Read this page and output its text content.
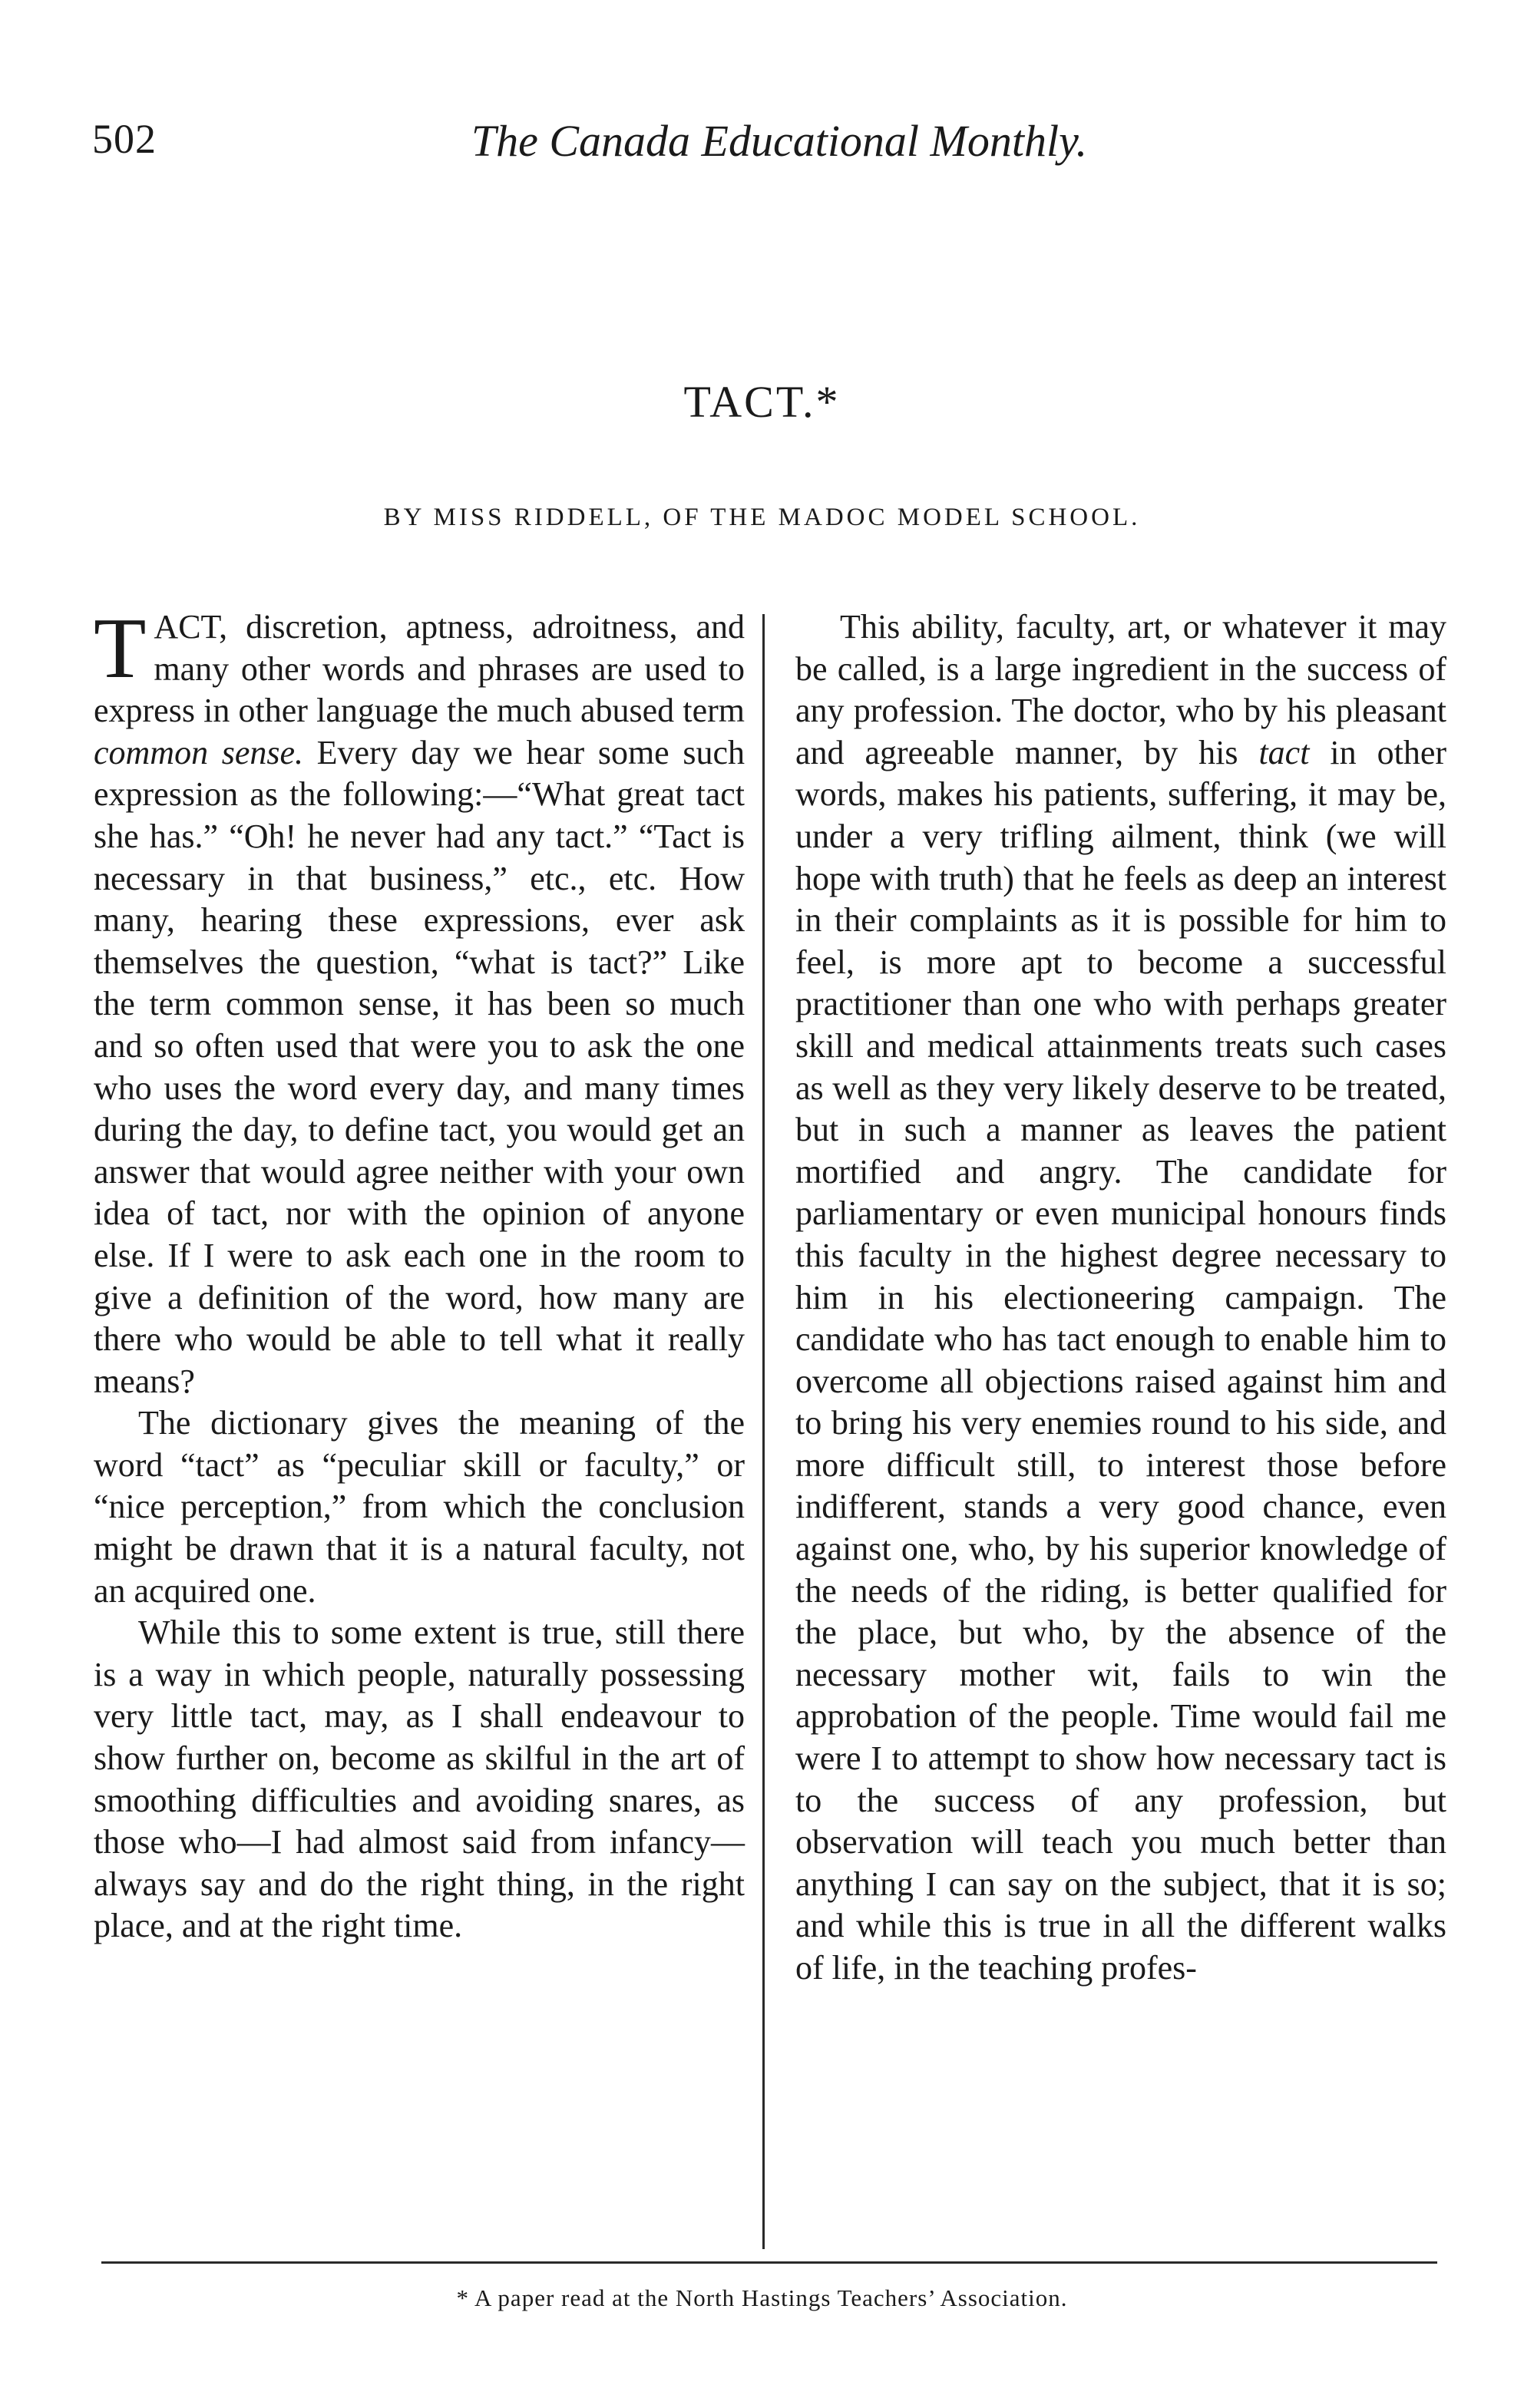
502	The Canada Educational Monthly.
TACT.*
BY MISS RIDDELL, OF THE MADOC MODEL SCHOOL.

TACT, discretion, aptness, adroitness, and many other words and phrases are used to express in other language the much abused term common sense. Every day we hear some such expression as the following:—“What great tact she has.” “Oh! he never had any tact.” “Tact is necessary in that business,” etc., etc. How many, hearing these expressions, ever ask themselves the question, “what is tact?” Like the term common sense, it has been so much and so often used that were you to ask the one who uses the word every day, and many times during the day, to define tact, you would get an answer that would agree neither with your own idea of tact, nor with the opinion of anyone else. If I were to ask each one in the room to give a definition of the word, how many are there who would be able to tell what it really means?

The dictionary gives the meaning of the word “tact” as “peculiar skill or faculty,” or “nice perception,” from which the conclusion might be drawn that it is a natural faculty, not an acquired one.

While this to some extent is true, still there is a way in which people, naturally possessing very little tact, may, as I shall endeavour to show further on, become as skilful in the art of smoothing difficulties and avoiding snares, as those who—I had almost said from infancy—always say and do the right thing, in the right place, and at the right time.

This ability, faculty, art, or whatever it may be called, is a large ingredient in the success of any profession. The doctor, who by his pleasant and agreeable manner, by his tact in other words, makes his patients, suffering, it may be, under a very trifling ailment, think (we will hope with truth) that he feels as deep an interest in their complaints as it is possible for him to feel, is more apt to become a successful practitioner than one who with perhaps greater skill and medical attainments treats such cases as well as they very likely deserve to be treated, but in such a manner as leaves the patient mortified and angry. The candidate for parliamentary or even municipal honours finds this faculty in the highest degree necessary to him in his electioneering campaign. The candidate who has tact enough to enable him to overcome all objections raised against him and to bring his very enemies round to his side, and more difficult still, to interest those before indifferent, stands a very good chance, even against one, who, by his superior knowledge of the needs of the riding, is better qualified for the place, but who, by the absence of the necessary mother wit, fails to win the approbation of the people. Time would fail me were I to attempt to show how necessary tact is to the success of any profession, but observation will teach you much better than anything I can say on the subject, that it is so; and while this is true in all the different walks of life, in the teaching profes-

* A paper read at the North Hastings Teachers’ Association.
